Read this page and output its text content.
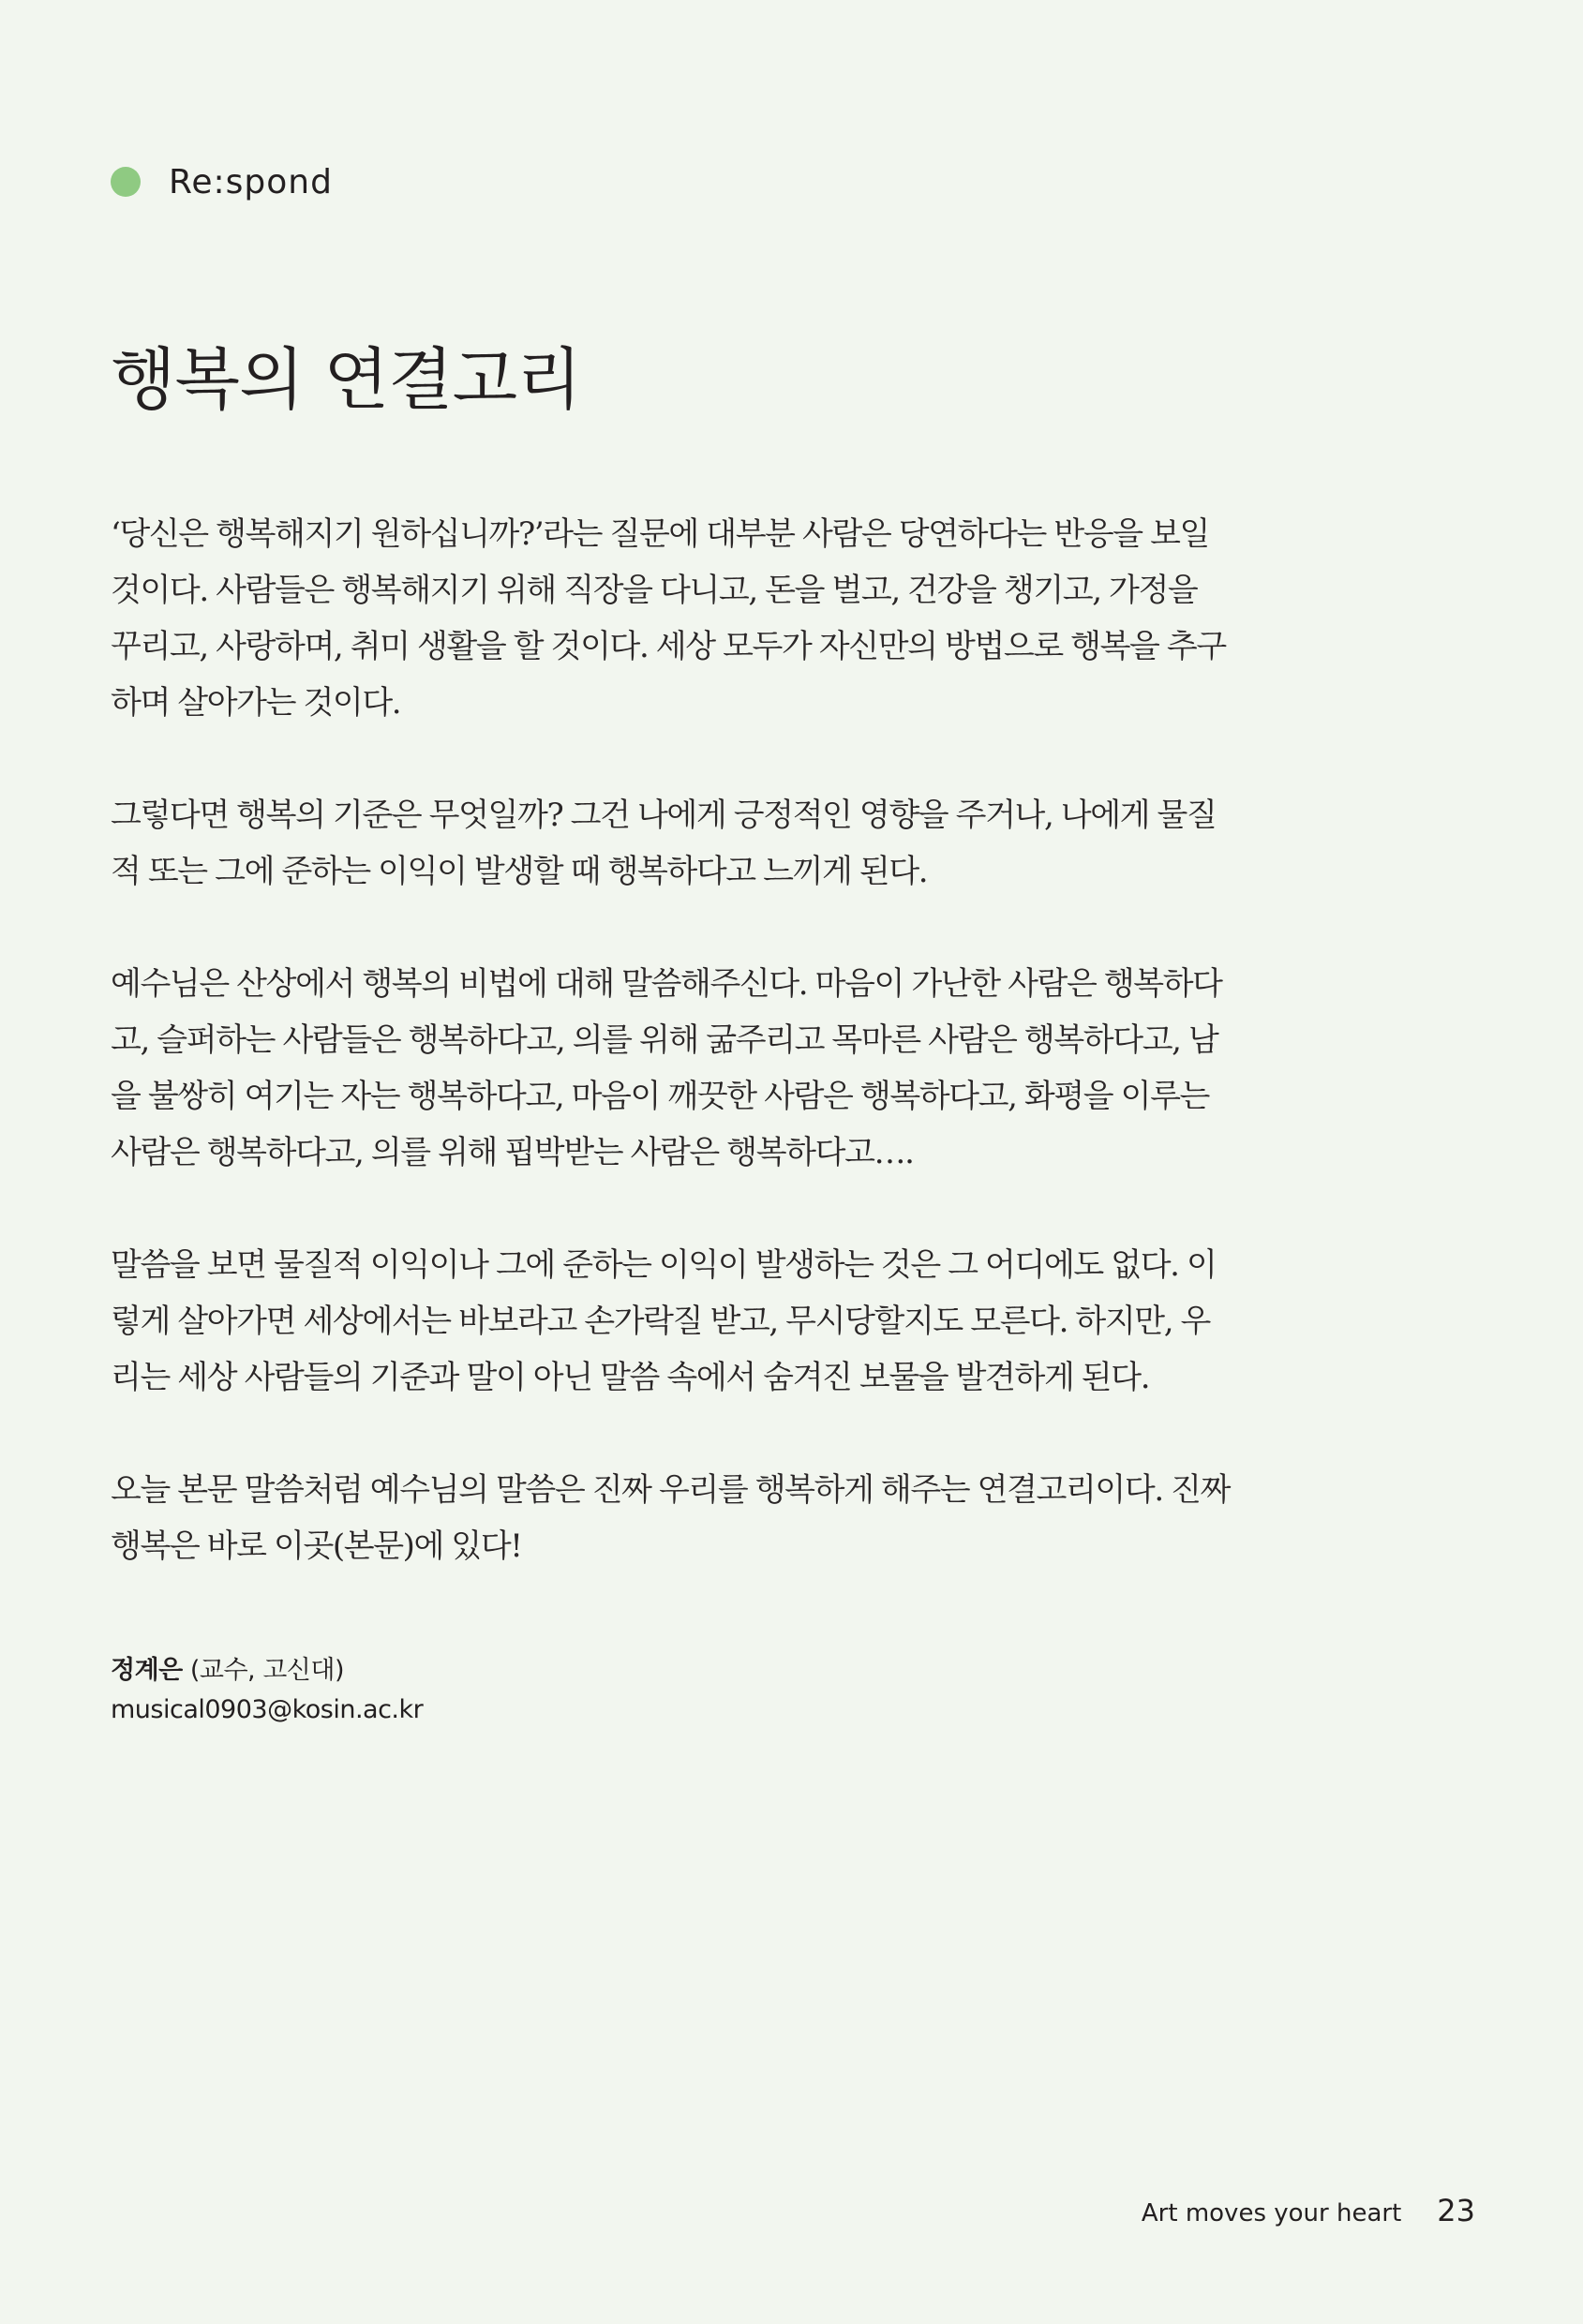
Re:spond
행복의 연결고리

‘당신은 행복해지기 원하십니까?’라는 질문에 대부분 사람은 당연하다는 반응을 보일
것이다. 사람들은 행복해지기 위해 직장을 다니고, 돈을 벌고, 건강을 챙기고, 가정을
꾸리고, 사랑하며, 취미 생활을 할 것이다. 세상 모두가 자신만의 방법으로 행복을 추구
하며 살아가는 것이다.

그렇다면 행복의 기준은 무엇일까? 그건 나에게 긍정적인 영향을 주거나, 나에게 물질
적 또는 그에 준하는 이익이 발생할 때 행복하다고 느끼게 된다.

예수님은 산상에서 행복의 비법에 대해 말씀해주신다. 마음이 가난한 사람은 행복하다
고, 슬퍼하는 사람들은 행복하다고, 의를 위해 굶주리고 목마른 사람은 행복하다고, 남
을 불쌍히 여기는 자는 행복하다고, 마음이 깨끗한 사람은 행복하다고, 화평을 이루는
사람은 행복하다고, 의를 위해 핍박받는 사람은 행복하다고….

말씀을 보면 물질적 이익이나 그에 준하는 이익이 발생하는 것은 그 어디에도 없다. 이
렇게 살아가면 세상에서는 바보라고 손가락질 받고, 무시당할지도 모른다. 하지만, 우
리는 세상 사람들의 기준과 말이 아닌 말씀 속에서 숨겨진 보물을 발견하게 된다.

오늘 본문 말씀처럼 예수님의 말씀은 진짜 우리를 행복하게 해주는 연결고리이다. 진짜
행복은 바로 이곳(본문)에 있다!

정계은 (교수, 고신대)
musical0903@kosin.ac.kr
Art moves your heart 23
